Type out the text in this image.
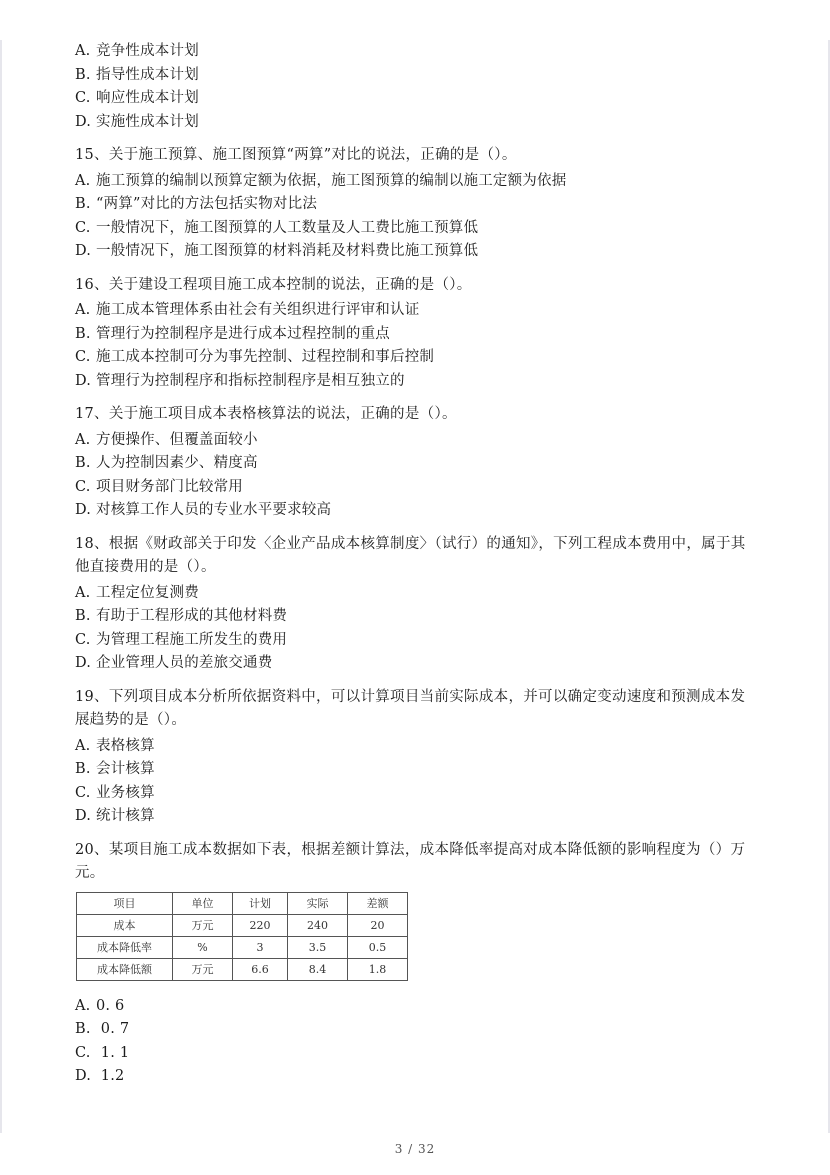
A. 竞争性成本计划
B. 指导性成本计划
C. 响应性成本计划
D. 实施性成本计划
15、关于施工预算、施工图预算“两算”对比的说法，正确的是（）。
A. 施工预算的编制以预算定额为依据，施工图预算的编制以施工定额为依据
B. “两算”对比的方法包括实物对比法
C. 一般情况下，施工图预算的人工数量及人工费比施工预算低
D. 一般情况下，施工图预算的材料消耗及材料费比施工预算低
16、关于建设工程项目施工成本控制的说法，正确的是（）。
A. 施工成本管理体系由社会有关组织进行评审和认证
B. 管理行为控制程序是进行成本过程控制的重点
C. 施工成本控制可分为事先控制、过程控制和事后控制
D. 管理行为控制程序和指标控制程序是相互独立的
17、关于施工项目成本表格核算法的说法，正确的是（）。
A. 方便操作、但覆盖面较小
B. 人为控制因素少、精度高
C. 项目财务部门比较常用
D. 对核算工作人员的专业水平要求较高
18、根据《财政部关于印发〈企业产品成本核算制度〉（试行）的通知》，下列工程成本费用中，属于其他直接费用的是（）。
A. 工程定位复测费
B. 有助于工程形成的其他材料费
C. 为管理工程施工所发生的费用
D. 企业管理人员的差旅交通费
19、下列项目成本分析所依据资料中，可以计算项目当前实际成本，并可以确定变动速度和预测成本发展趋势的是（）。
A. 表格核算
B. 会计核算
C. 业务核算
D. 统计核算
20、某项目施工成本数据如下表，根据差额计算法，成本降低率提高对成本降低额的影响程度为（）万元。
项目	单位	计划	实际	差额
成本	万元	220	240	20
成本降低率	%	3	3.5	0.5
成本降低额	万元	6.6	8.4	1.8
A. 0. 6
B. 0. 7
C. 1. 1
D. 1.2
3 / 32
